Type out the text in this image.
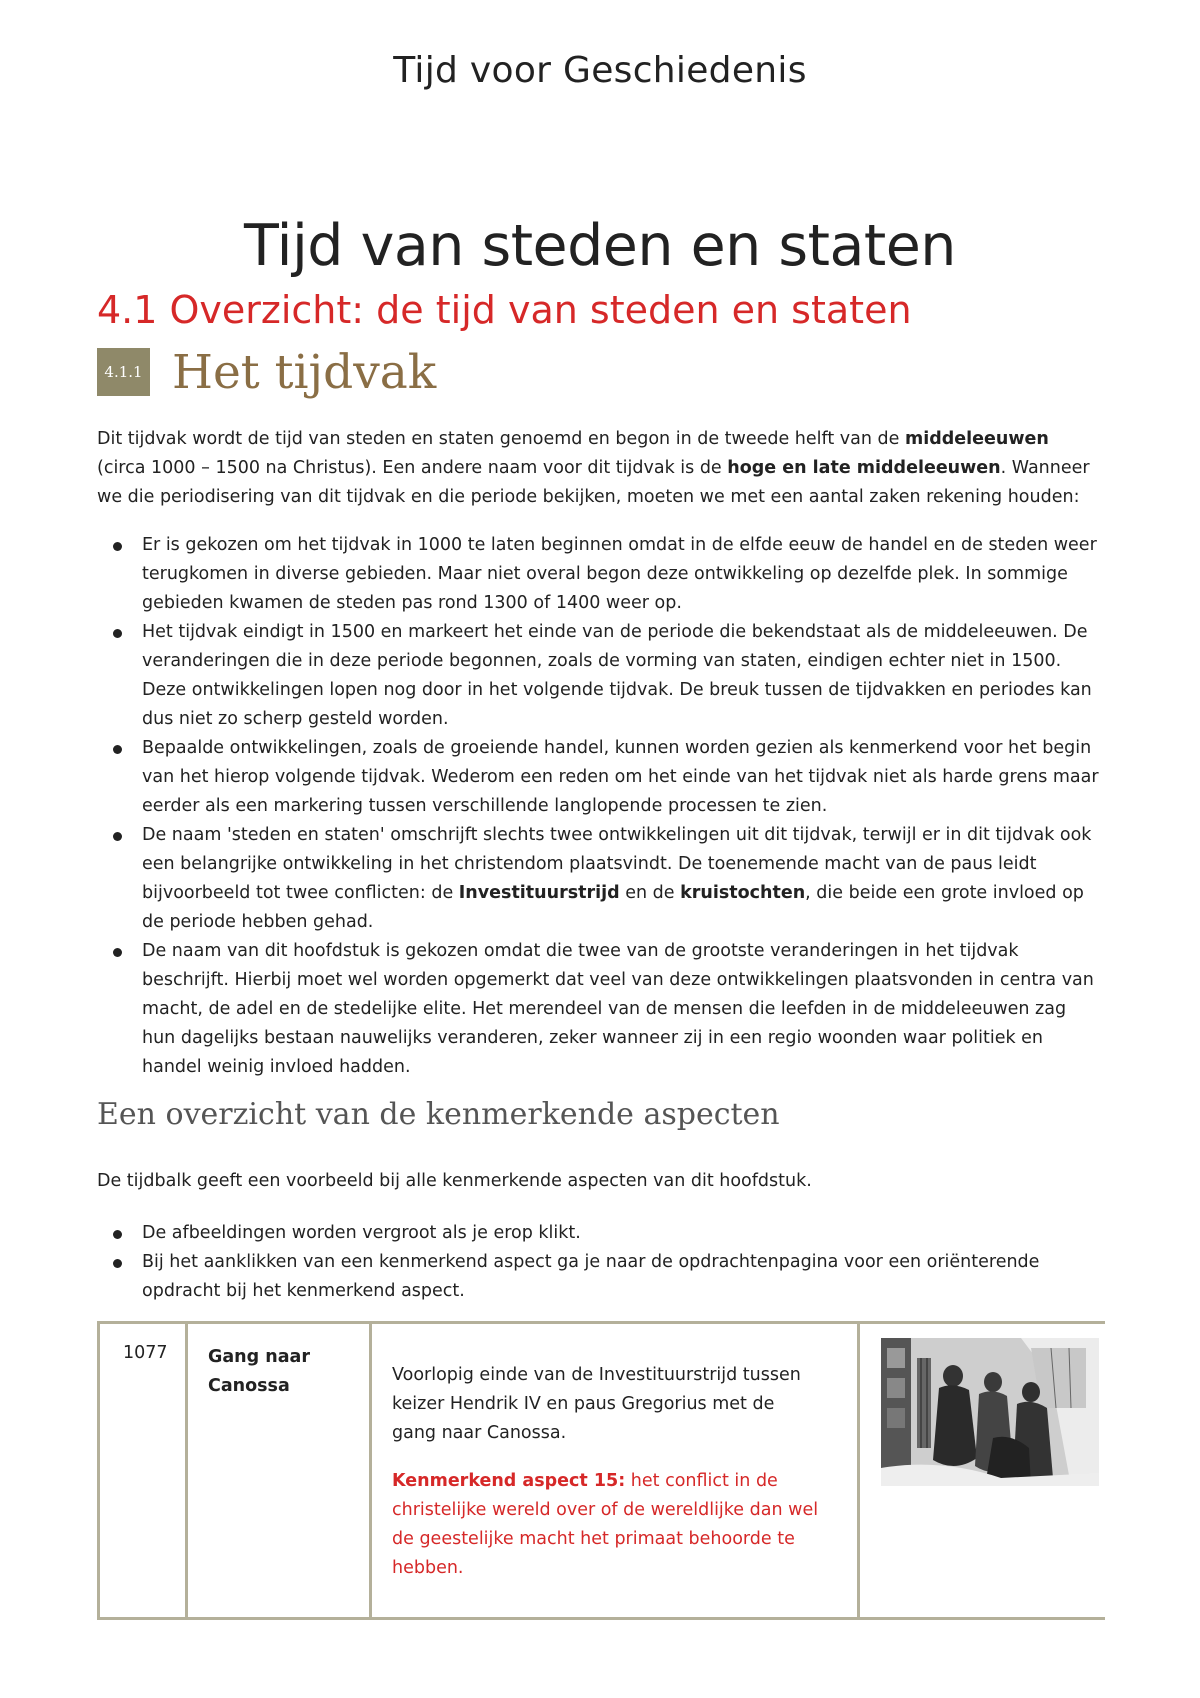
Tijd voor Geschiedenis
Tijd van steden en staten
4.1 Overzicht: de tijd van steden en staten
4.1.1 Het tijdvak
Dit tijdvak wordt de tijd van steden en staten genoemd en begon in de tweede helft van de middeleeuwen (circa 1000 – 1500 na Christus). Een andere naam voor dit tijdvak is de hoge en late middeleeuwen. Wanneer we die periodisering van dit tijdvak en die periode bekijken, moeten we met een aantal zaken rekening houden:
Er is gekozen om het tijdvak in 1000 te laten beginnen omdat in de elfde eeuw de handel en de steden weer terugkomen in diverse gebieden. Maar niet overal begon deze ontwikkeling op dezelfde plek. In sommige gebieden kwamen de steden pas rond 1300 of 1400 weer op.
Het tijdvak eindigt in 1500 en markeert het einde van de periode die bekendstaat als de middeleeuwen. De veranderingen die in deze periode begonnen, zoals de vorming van staten, eindigen echter niet in 1500. Deze ontwikkelingen lopen nog door in het volgende tijdvak. De breuk tussen de tijdvakken en periodes kan dus niet zo scherp gesteld worden.
Bepaalde ontwikkelingen, zoals de groeiende handel, kunnen worden gezien als kenmerkend voor het begin van het hierop volgende tijdvak. Wederom een reden om het einde van het tijdvak niet als harde grens maar eerder als een markering tussen verschillende langlopende processen te zien.
De naam 'steden en staten' omschrijft slechts twee ontwikkelingen uit dit tijdvak, terwijl er in dit tijdvak ook een belangrijke ontwikkeling in het christendom plaatsvindt. De toenemende macht van de paus leidt bijvoorbeeld tot twee conflicten: de Investituurstrijd en de kruistochten, die beide een grote invloed op de periode hebben gehad.
De naam van dit hoofdstuk is gekozen omdat die twee van de grootste veranderingen in het tijdvak beschrijft. Hierbij moet wel worden opgemerkt dat veel van deze ontwikkelingen plaatsvonden in centra van macht, de adel en de stedelijke elite. Het merendeel van de mensen die leefden in de middeleeuwen zag hun dagelijks bestaan nauwelijks veranderen, zeker wanneer zij in een regio woonden waar politiek en handel weinig invloed hadden.
Een overzicht van de kenmerkende aspecten
De tijdbalk geeft een voorbeeld bij alle kenmerkende aspecten van dit hoofdstuk.
De afbeeldingen worden vergroot als je erop klikt.
Bij het aanklikken van een kenmerkend aspect ga je naar de opdrachtenpagina voor een oriënterende opdracht bij het kenmerkend aspect.
1077 Gang naar Canossa
Voorlopig einde van de Investituurstrijd tussen keizer Hendrik IV en paus Gregorius met de gang naar Canossa.
Kenmerkend aspect 15: het conflict in de christelijke wereld over of de wereldlijke dan wel de geestelijke macht het primaat behoorde te hebben.
